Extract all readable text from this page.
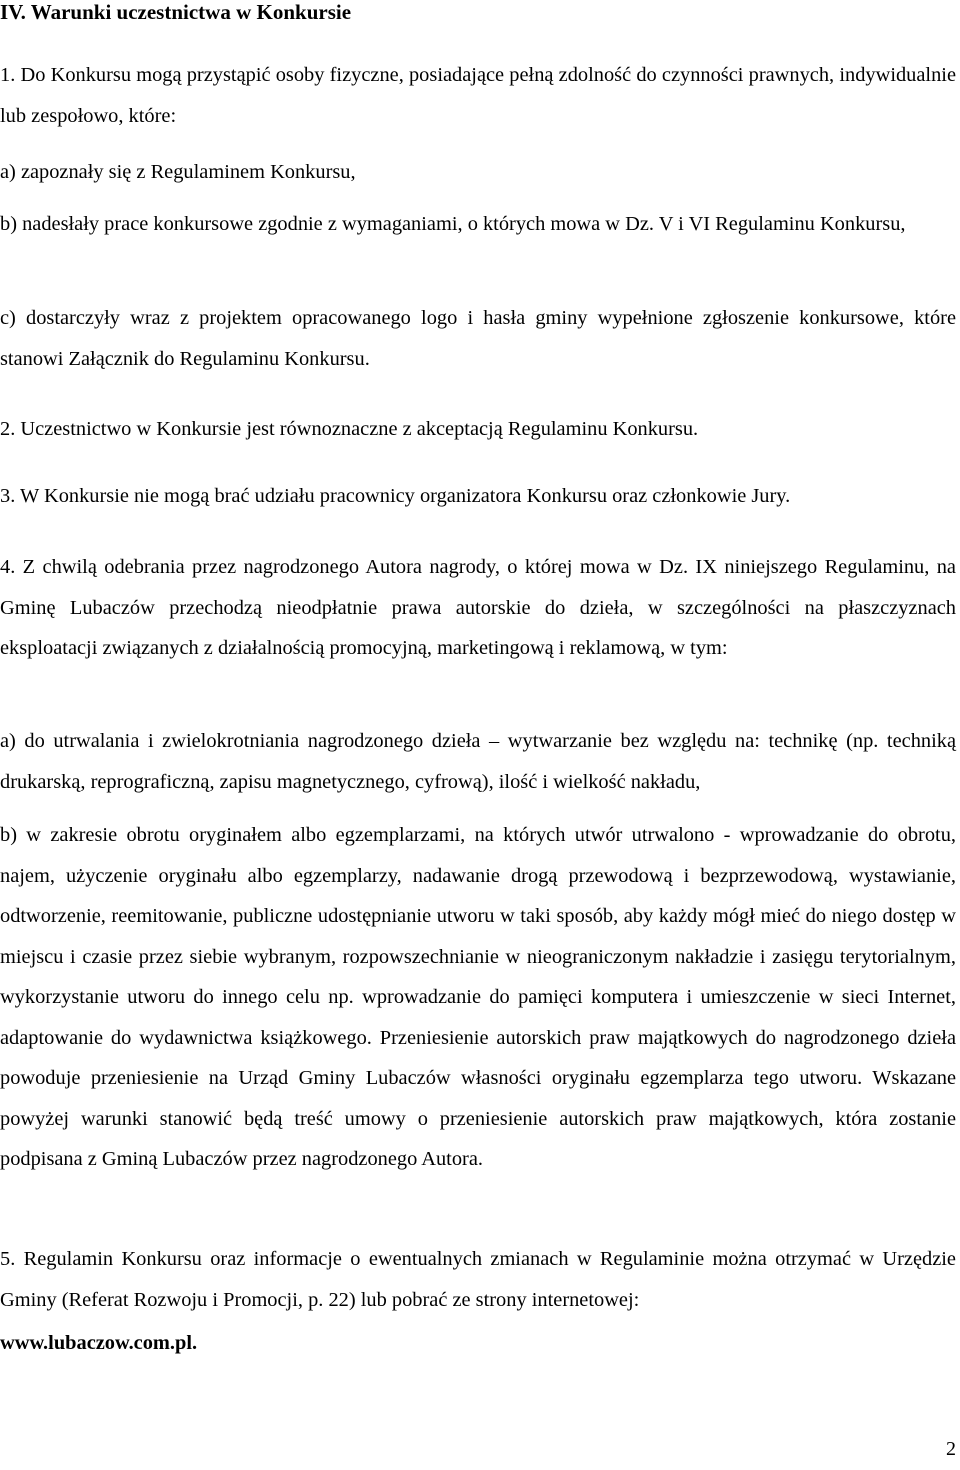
IV. Warunki uczestnictwa w Konkursie

1. Do Konkursu mogą przystąpić osoby fizyczne, posiadające pełną zdolność do czynności prawnych, indywidualnie lub zespołowo, które:

a) zapoznały się z Regulaminem Konkursu,

b) nadesłały prace konkursowe zgodnie z wymaganiami, o których mowa w Dz. V i VI Regulaminu Konkursu,

c) dostarczyły wraz z projektem opracowanego logo i hasła gminy wypełnione zgłoszenie konkursowe, które stanowi Załącznik do Regulaminu Konkursu.

2. Uczestnictwo w Konkursie jest równoznaczne z akceptacją Regulaminu Konkursu.

3. W Konkursie nie mogą brać udziału pracownicy organizatora Konkursu oraz członkowie Jury.

4. Z chwilą odebrania przez nagrodzonego Autora nagrody, o której mowa w Dz. IX niniejszego Regulaminu, na Gminę Lubaczów przechodzą nieodpłatnie prawa autorskie do dzieła, w szczególności na płaszczyznach eksploatacji związanych z działalnością promocyjną, marketingową i reklamową, w tym:

a) do utrwalania i zwielokrotniania nagrodzonego dzieła – wytwarzanie bez względu na: technikę (np. techniką drukarską, reprograficzną, zapisu magnetycznego, cyfrową), ilość i wielkość nakładu,

b) w zakresie obrotu oryginałem albo egzemplarzami, na których utwór utrwalono - wprowadzanie do obrotu, najem, użyczenie oryginału albo egzemplarzy, nadawanie drogą przewodową i bezprzewodową, wystawianie, odtworzenie, reemitowanie, publiczne udostępnianie utworu w taki sposób, aby każdy mógł mieć do niego dostęp w miejscu i czasie przez siebie wybranym, rozpowszechnianie w nieograniczonym nakładzie i zasięgu terytorialnym, wykorzystanie utworu do innego celu np. wprowadzanie do pamięci komputera i umieszczenie w sieci Internet, adaptowanie do wydawnictwa książkowego. Przeniesienie autorskich praw majątkowych do nagrodzonego dzieła powoduje przeniesienie na Urząd Gminy Lubaczów własności oryginału egzemplarza tego utworu. Wskazane powyżej warunki stanowić będą treść umowy o przeniesienie autorskich praw majątkowych, która zostanie podpisana z Gminą Lubaczów przez nagrodzonego Autora.

5. Regulamin Konkursu oraz informacje o ewentualnych zmianach w Regulaminie można otrzymać w Urzędzie Gminy (Referat Rozwoju i Promocji, p. 22) lub pobrać ze strony internetowej:

www.lubaczow.com.pl.

2
